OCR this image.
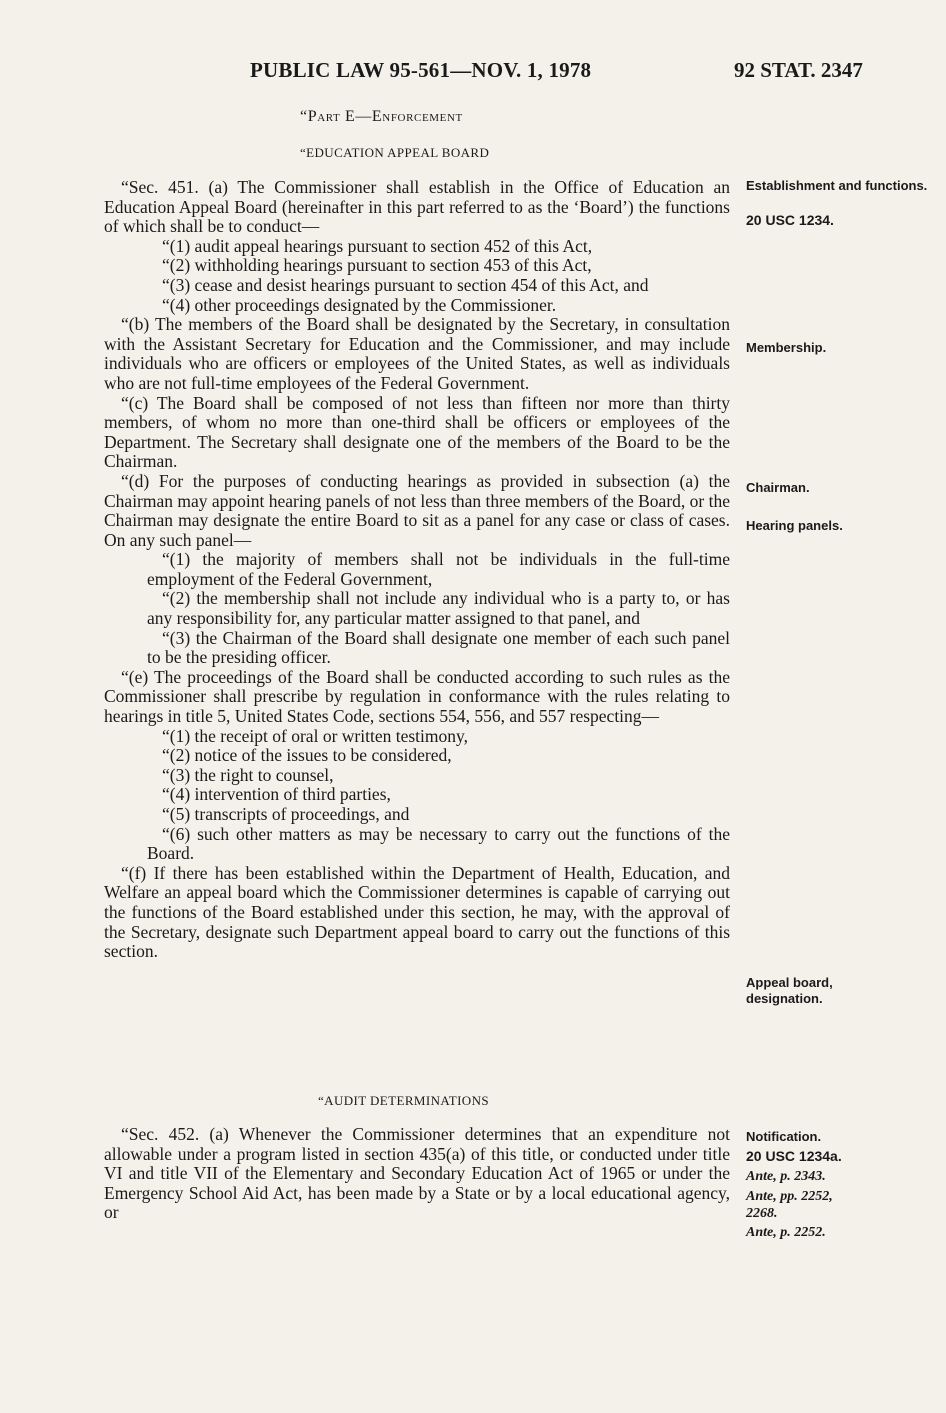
PUBLIC LAW 95-561—NOV. 1, 1978	92 STAT. 2347
“Part E—Enforcement
“EDUCATION APPEAL BOARD

“Sec. 451. (a) The Commissioner shall establish in the Office of Education an Education Appeal Board (hereinafter in this part referred to as the ‘Board’) the functions of which shall be to conduct—

“(1) audit appeal hearings pursuant to section 452 of this Act,

“(2) withholding hearings pursuant to section 453 of this Act,

“(3) cease and desist hearings pursuant to section 454 of this Act, and

“(4) other proceedings designated by the Commissioner.

“(b) The members of the Board shall be designated by the Secretary, in consultation with the Assistant Secretary for Education and the Commissioner, and may include individuals who are officers or employees of the United States, as well as individuals who are not full-time employees of the Federal Government.

“(c) The Board shall be composed of not less than fifteen nor more than thirty members, of whom no more than one-third shall be officers or employees of the Department. The Secretary shall designate one of the members of the Board to be the Chairman.

“(d) For the purposes of conducting hearings as provided in subsection (a) the Chairman may appoint hearing panels of not less than three members of the Board, or the Chairman may designate the entire Board to sit as a panel for any case or class of cases. On any such panel—

“(1) the majority of members shall not be individuals in the full-time employment of the Federal Government,

“(2) the membership shall not include any individual who is a party to, or has any responsibility for, any particular matter assigned to that panel, and

“(3) the Chairman of the Board shall designate one member of each such panel to be the presiding officer.

“(e) The proceedings of the Board shall be conducted according to such rules as the Commissioner shall prescribe by regulation in conformance with the rules relating to hearings in title 5, United States Code, sections 554, 556, and 557 respecting—

“(1) the receipt of oral or written testimony,

“(2) notice of the issues to be considered,

“(3) the right to counsel,

“(4) intervention of third parties,

“(5) transcripts of proceedings, and

“(6) such other matters as may be necessary to carry out the functions of the Board.

“(f) If there has been established within the Department of Health, Education, and Welfare an appeal board which the Commissioner determines is capable of carrying out the functions of the Board established under this section, he may, with the approval of the Secretary, designate such Department appeal board to carry out the functions of this section.

“AUDIT DETERMINATIONS

“Sec. 452. (a) Whenever the Commissioner determines that an expenditure not allowable under a program listed in section 435(a) of this title, or conducted under title VI and title VII of the Elementary and Secondary Education Act of 1965 or under the Emergency School Aid Act, has been made by a State or by a local educational agency, or

Establishment and functions.
20 USC 1234.
Membership.
Chairman.
Hearing panels.
Appeal board, designation.
Notification.
20 USC 1234a.
Ante, p. 2343.
Ante, pp. 2252, 2268.
Ante, p. 2252.
